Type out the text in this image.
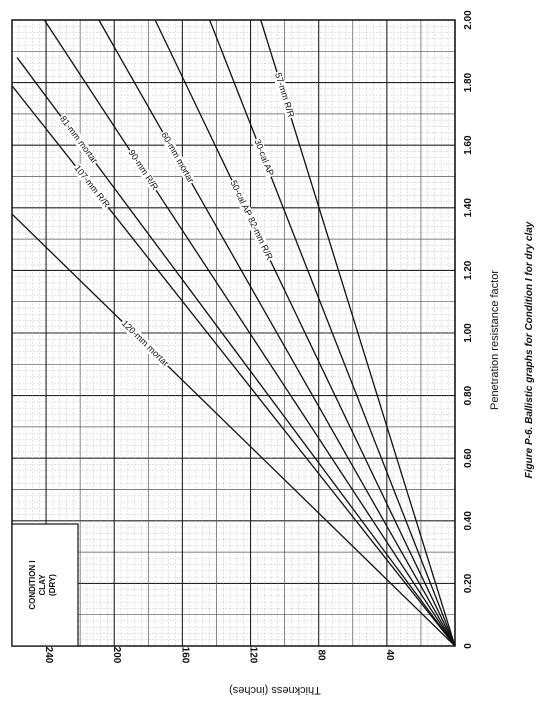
CONDITION I CLAY (DRY)
0
0.20
0.40
0.60
0.80
1.00
1.20
1.40
1.60
1.80
2.00
40
80
120
160
200
240
120-mm mortar
107-mm R/R
81-mm mortar
90-mm R/R 60-mm mortar
50-cal AP 82-mm R/R
30-cal AP
57-mm R/R
Penetration resistance factor
Thickness (inches)
Figure P-6. Ballistic graphs for Condition I for dry clay
